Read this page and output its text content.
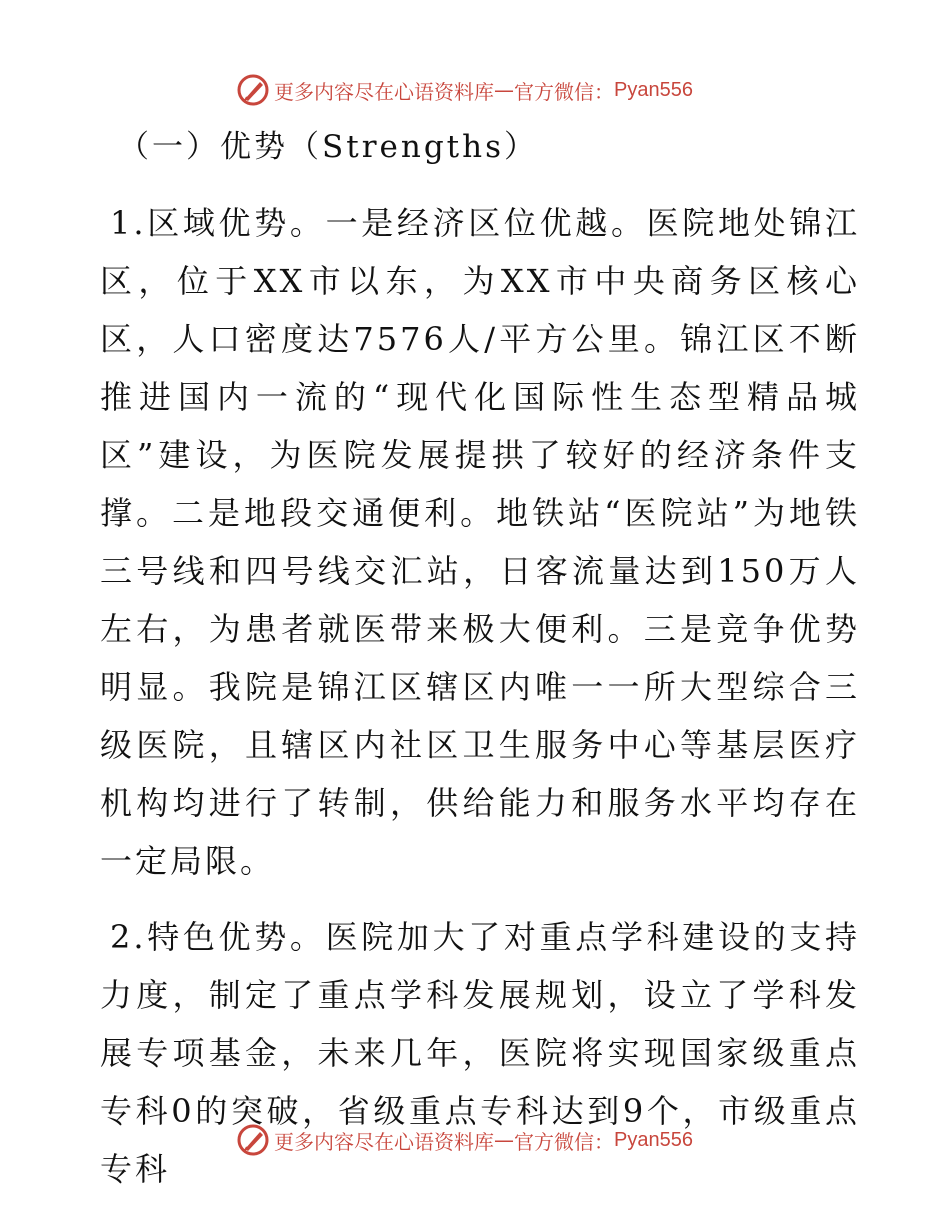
更多内容尽在心语资料库 — 官方微信： Pyan556
（一）优势（Strengths）

1.区域优势。一是经济区位优越。医院地处锦江区，位于XX市以东，为XX市中央商务区核心区，人口密度达7576人/平方公里。锦江区不断推进国内一流的“现代化国际性生态型精品城区”建设，为医院发展提拱了较好的经济条件支撑。二是地段交通便利。地铁站“医院站”为地铁三号线和四号线交汇站，日客流量达到150万人左右，为患者就医带来极大便利。三是竞争优势明显。我院是锦江区辖区内唯一一所大型综合三级医院，且辖区内社区卫生服务中心等基层医疗机构均进行了转制，供给能力和服务水平均存在一定局限。

2.特色优势。医院加大了对重点学科建设的支持力度，制定了重点学科发展规划，设立了学科发展专项基金，未来几年，医院将实现国家级重点专科0的突破，省级重点专科达到9个，市级重点专科

更多内容尽在心语资料库 — 官方微信： Pyan556
